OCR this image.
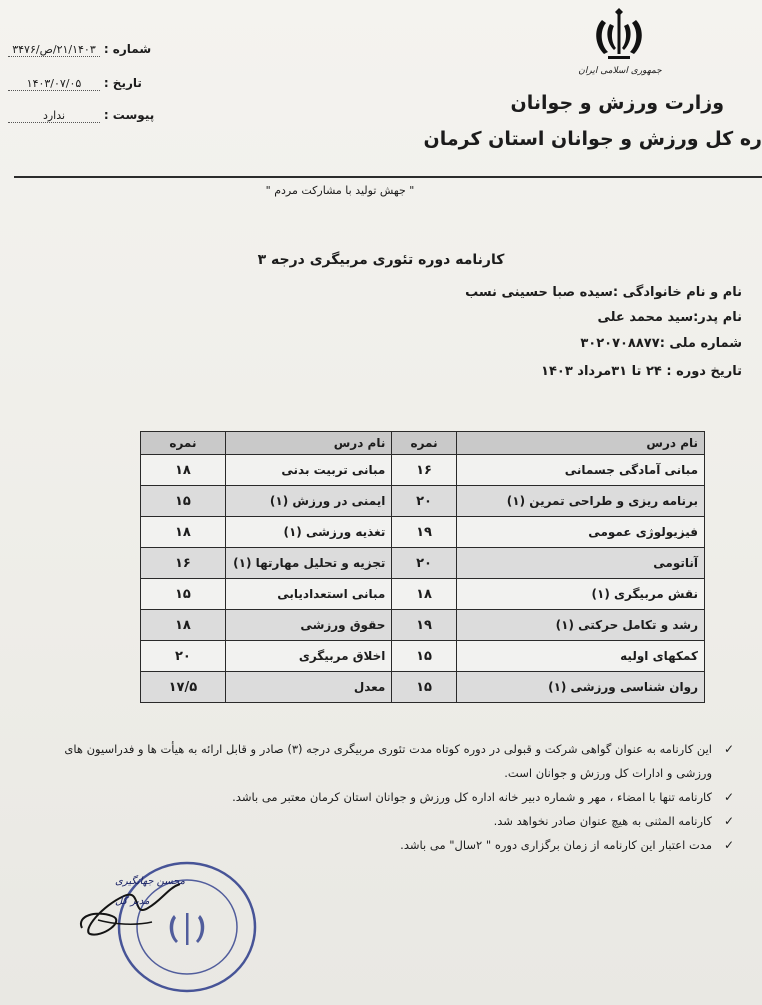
جمهوری اسلامی ایران
وزارت ورزش و جوانان
ره کل ورزش و جوانان استان کرمان
شماره : ۲۱/۱۴۰۳/ص/۳۴۷۶
تاریخ : ۱۴۰۳/۰۷/۰۵
پیوست : ندارد
" جهش تولید با مشارکت مردم "
کارنامه دوره تئوری مربیگری درجه ۳
نام و نام خانوادگی :سیده صبا حسینی نسب
نام پدر:سید محمد علی
شماره ملی :۳۰۲۰۷۰۸۸۷۷
تاریخ دوره : ۲۴ تا ۳۱مرداد ۱۴۰۳
نام درس	نمره	نام درس	نمره
مبانی آمادگی جسمانی	۱۶	مبانی تربیت بدنی	۱۸
برنامه ریزی و طراحی تمرین (۱)	۲۰	ایمنی در ورزش (۱)	۱۵
فیزیولوژی عمومی	۱۹	تغذیه ورزشی (۱)	۱۸
آناتومی	۲۰	تجزیه و تحلیل مهارتها (۱)	۱۶
نقش مربیگری (۱)	۱۸	مبانی استعدادیابی	۱۵
رشد و تکامل حرکتی (۱)	۱۹	حقوق ورزشی	۱۸
کمکهای اولیه	۱۵	اخلاق مربیگری	۲۰
روان شناسی ورزشی (۱)	۱۵	معدل	۱۷/۵
✓ این کارنامه به عنوان گواهی شرکت و قبولی در دوره کوتاه مدت تئوری مربیگری درجه (۳) صادر و قابل ارائه به هیأت ها و فدراسیون های ورزشی و ادارات کل ورزش و جوانان است.
✓ کارنامه تنها با امضاء ، مهر و شماره دبیر خانه اداره کل ورزش و جوانان استان کرمان معتبر می باشد.
✓ کارنامه المثنی به هیچ عنوان صادر نخواهد شد.
✓ مدت اعتبار این کارنامه از زمان برگزاری دوره " ۲سال" می باشد.
محسن جهانگیری
مدیر کل
